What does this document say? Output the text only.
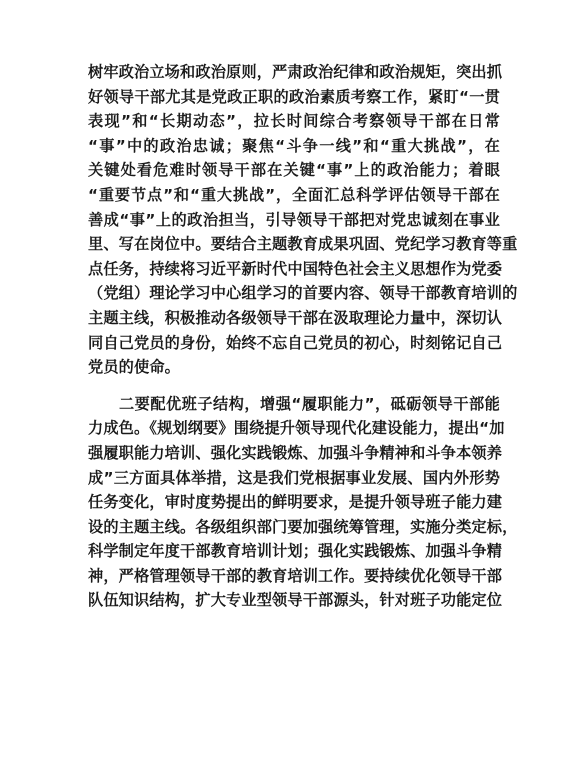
树牢政治立场和政治原则，严肃政治纪律和政治规矩，突出抓
好领导干部尤其是党政正职的政治素质考察工作，紧盯“一贯
表现”和“长期动态”，拉长时间综合考察领导干部在日常
“事”中的政治忠诚；聚焦“斗争一线”和“重大挑战”，在
关键处看危难时领导干部在关键“事”上的政治能力；着眼
“重要节点”和“重大挑战”，全面汇总科学评估领导干部在
善成“事”上的政治担当，引导领导干部把对党忠诚刻在事业
里、写在岗位中。要结合主题教育成果巩固、党纪学习教育等重
点任务，持续将习近平新时代中国特色社会主义思想作为党委
（党组）理论学习中心组学习的首要内容、领导干部教育培训的
主题主线，积极推动各级领导干部在汲取理论力量中，深切认
同自己党员的身份，始终不忘自己党员的初心，时刻铭记自己
党员的使命。
二要配优班子结构，增强“履职能力”，砥砺领导干部能
力成色。《规划纲要》围绕提升领导现代化建设能力，提出“加
强履职能力培训、强化实践锻炼、加强斗争精神和斗争本领养
成”三方面具体举措，这是我们党根据事业发展、国内外形势
任务变化，审时度势提出的鲜明要求，是提升领导班子能力建
设的主题主线。各级组织部门要加强统筹管理，实施分类定标，
科学制定年度干部教育培训计划；强化实践锻炼、加强斗争精
神，严格管理领导干部的教育培训工作。要持续优化领导干部
队伍知识结构，扩大专业型领导干部源头，针对班子功能定位
